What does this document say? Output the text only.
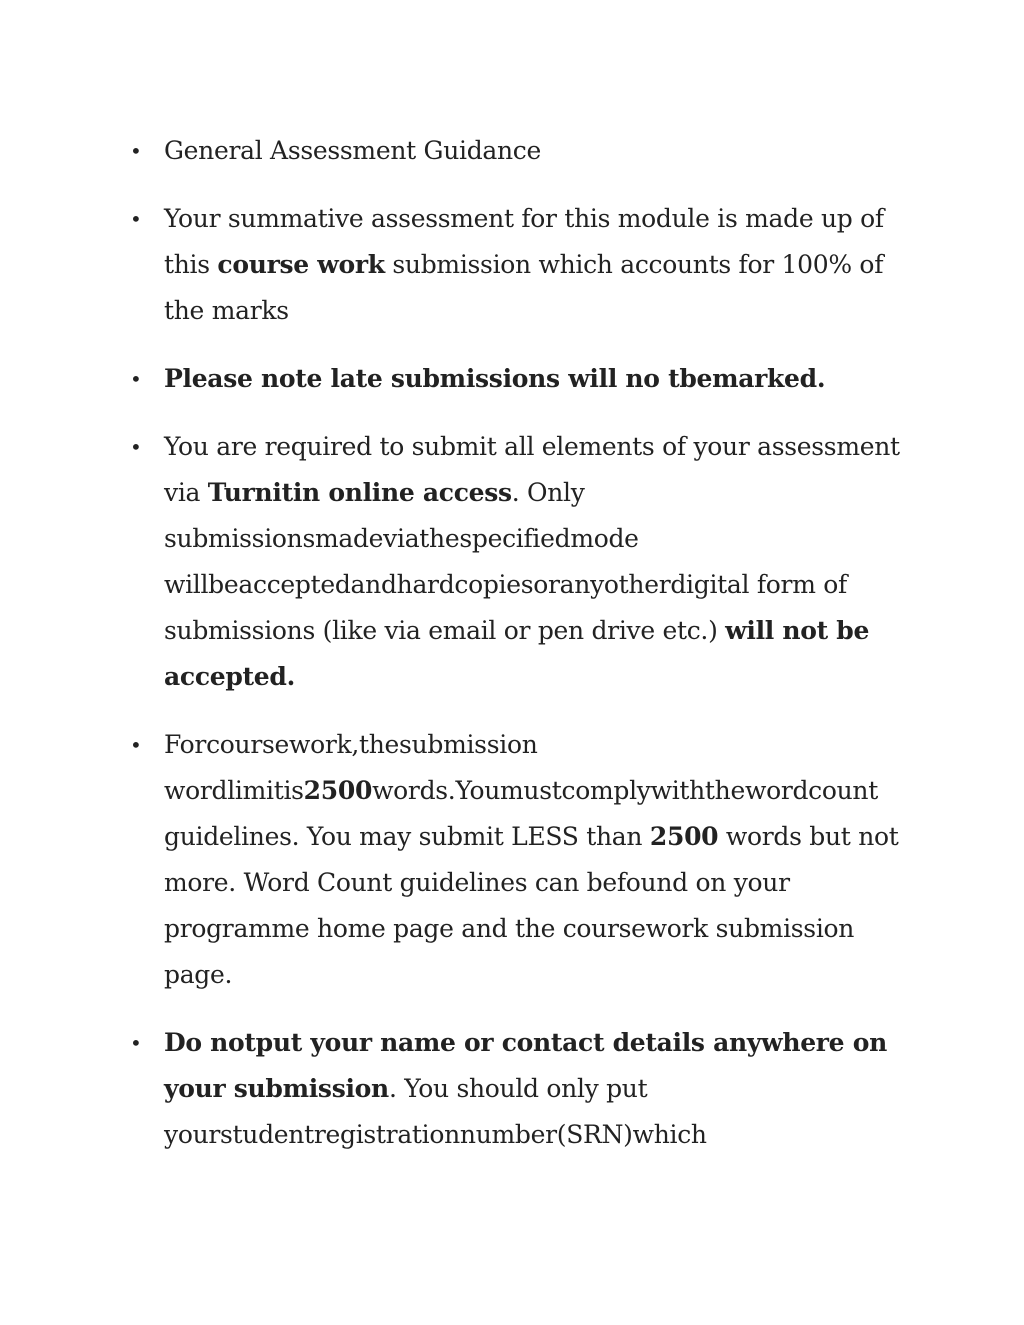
• General Assessment Guidance
• Your summative assessment for this module is made up of this course work submission which accounts for 100% of the marks
• Please note late submissions will no tbemarked.
• You are required to submit all elements of your assessment via Turnitin online access. Only submissionsmadeviathespecifiedmode willbeacceptedandhardcopiesoranyotherdigital form of submissions (like via email or pen drive etc.) will not be accepted.
• Forcoursework,thesubmission wordlimitis2500words.Youmustcomplywiththewordcount guidelines. You may submit LESS than 2500 words but not more. Word Count guidelines can befound on your programme home page and the coursework submission page.
• Do notput your name or contact details anywhere on your submission. You should only put yourstudentregistrationnumber(SRN)which
